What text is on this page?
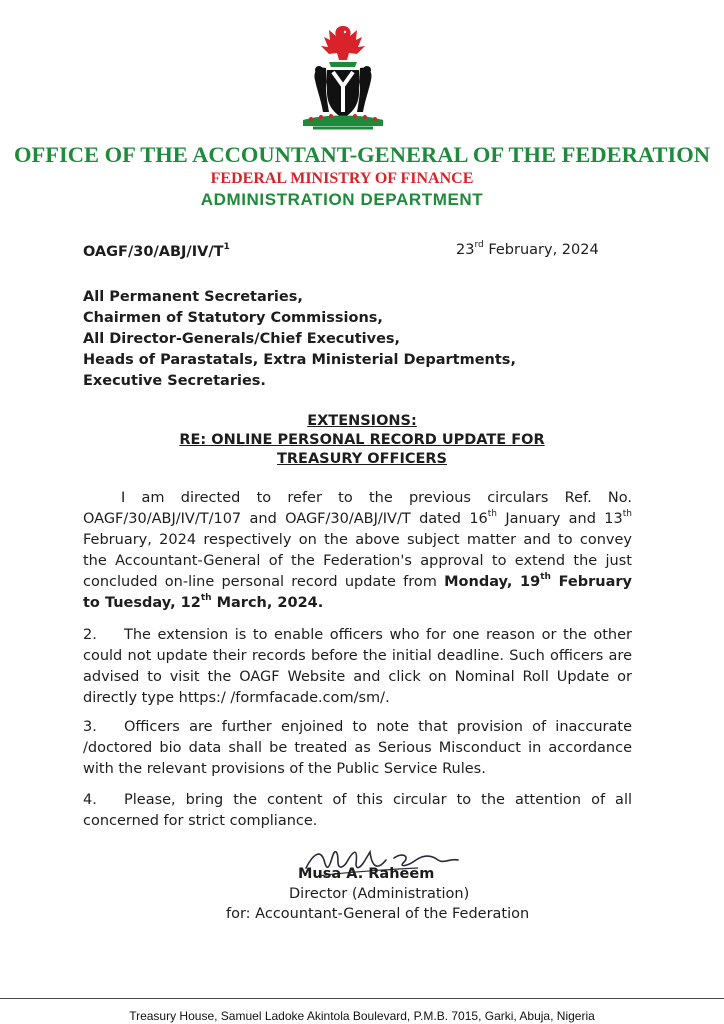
OFFICE OF THE ACCOUNTANT-GENERAL OF THE FEDERATION
FEDERAL MINISTRY OF FINANCE
ADMINISTRATION DEPARTMENT
OAGF/$30/ABJ/IV/T^1$	23rd February, 2024
All Permanent Secretaries,
Chairmen of Statutory Commissions,
All Director-Generals/Chief Executives,
Heads of Parastatals, Extra Ministerial Departments,
Executive Secretaries.
EXTENSIONS:
RE: ONLINE PERSONAL RECORD UPDATE FOR
TREASURY OFFICERS
I am directed to refer to the previous circulars Ref. No. OAGF/30/ABJ/IV/T/107 and OAGF/30/ABJ/IV/T dated 16th January and 13th February, 2024 respectively on the above subject matter and to convey the Accountant-General of the Federation's approval to extend the just concluded on-line personal record update from Monday, 19th February to Tuesday, 12th March, 2024.
2. The extension is to enable officers who for one reason or the other could not update their records before the initial deadline. Such officers are advised to visit the OAGF Website and click on Nominal Roll Update or directly type https:/ /formfacade.com/sm/.
3. Officers are further enjoined to note that provision of inaccurate /doctored bio data shall be treated as Serious Misconduct in accordance with the relevant provisions of the Public Service Rules.
4. Please, bring the content of this circular to the attention of all concerned for strict compliance.
Musa A. Raheem
Director (Administration)
for: Accountant-General of the Federation
Treasury House, Samuel Ladoke Akintola Boulevard, P.M.B. 7015, Garki, Abuja, Nigeria
